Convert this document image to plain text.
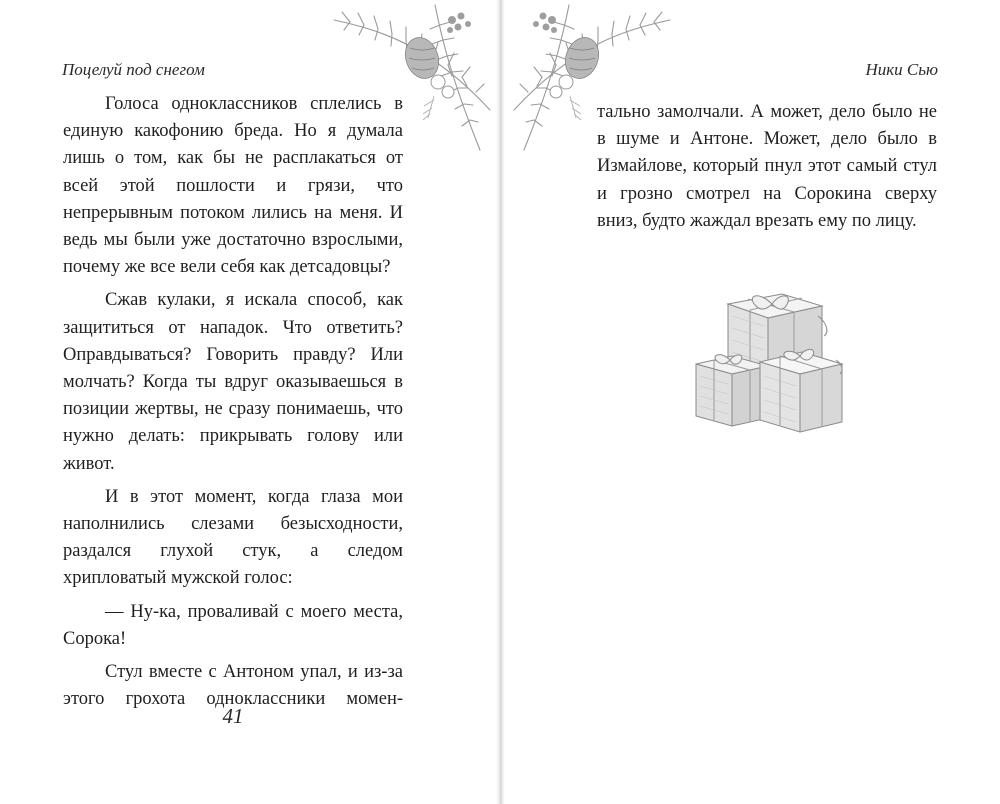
Поцелуй под снегом

Голоса одноклассников сплелись в единую какофонию бреда. Но я думала лишь о том, как бы не расплакаться от всей этой пошлости и грязи, что непрерывным потоком лились на меня. И ведь мы были уже достаточно взрослыми, почему же все вели себя как детсадовцы?

Сжав кулаки, я искала способ, как защититься от нападок. Что ответить? Оправдываться? Говорить правду? Или молчать? Когда ты вдруг оказываешься в позиции жертвы, не сразу понимаешь, что нужно делать: прикрывать голову или живот.

И в этот момент, когда глаза мои наполнились слезами безысходности, раздался глухой стук, а следом хрипловатый мужской голос:

— Ну-ка, проваливай с моего места, Сорока!

Стул вместе с Антоном упал, и из-за этого грохота одноклассники момен-

41
Ники Сью

тально замолчали. А может, дело было не в шуме и Антоне. Может, дело было в Измайлове, который пнул этот самый стул и грозно смотрел на Сорокина сверху вниз, будто жаждал врезать ему по лицу.
